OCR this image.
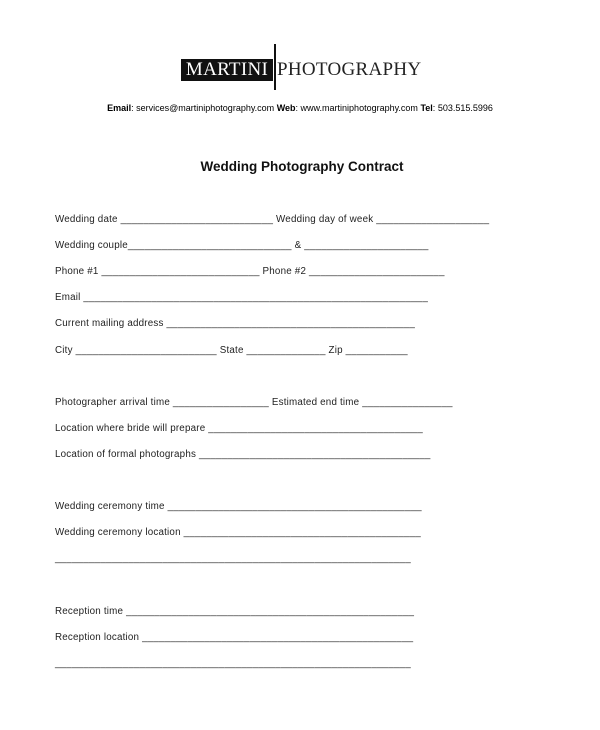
MARTINI PHOTOGRAPHY
Email: services@martiniphotography.com Web: www.martiniphotography.com Tel: 503.515.5996
Wedding Photography Contract
Wedding date ___________________________ Wedding day of week ____________________
Wedding couple_____________________________ & ______________________
Phone #1 ____________________________ Phone #2 ________________________
Email _____________________________________________________________
Current mailing address ____________________________________________
City _________________________ State ______________ Zip ___________
Photographer arrival time _________________ Estimated end time ________________
Location where bride will prepare ______________________________________
Location of formal photographs _________________________________________
Wedding ceremony time _____________________________________________
Wedding ceremony location __________________________________________
_______________________________________________________________
Reception time ___________________________________________________
Reception location ________________________________________________
_______________________________________________________________
